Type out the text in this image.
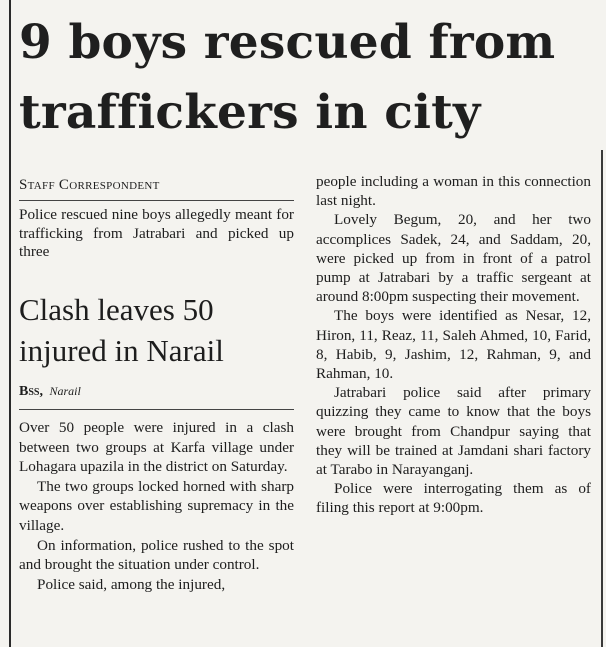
9 boys rescued from traffickers in city
Staff Correspondent

Police rescued nine boys allegedly meant for trafficking from Jatrabari and picked up three

Clash leaves 50 injured in Narail
Bss, Narail

Over 50 people were injured in a clash between two groups at Karfa village under Lohagara upazila in the district on Saturday.

The two groups locked horned with sharp weapons over establishing supremacy in the village.

On information, police rushed to the spot and brought the situation under control.

Police said, among the injured,

people including a woman in this connection last night.

Lovely Begum, 20, and her two accomplices Sadek, 24, and Saddam, 20, were picked up from in front of a patrol pump at Jatrabari by a traffic sergeant at around 8:00pm suspecting their movement.

The boys were identified as Nesar, 12, Hiron, 11, Reaz, 11, Saleh Ahmed, 10, Farid, 8, Habib, 9, Jashim, 12, Rahman, 9, and Rahman, 10.

Jatrabari police said after primary quizzing they came to know that the boys were brought from Chandpur saying that they will be trained at Jamdani shari factory at Tarabo in Narayanganj.

Police were interrogating them as of filing this report at 9:00pm.
